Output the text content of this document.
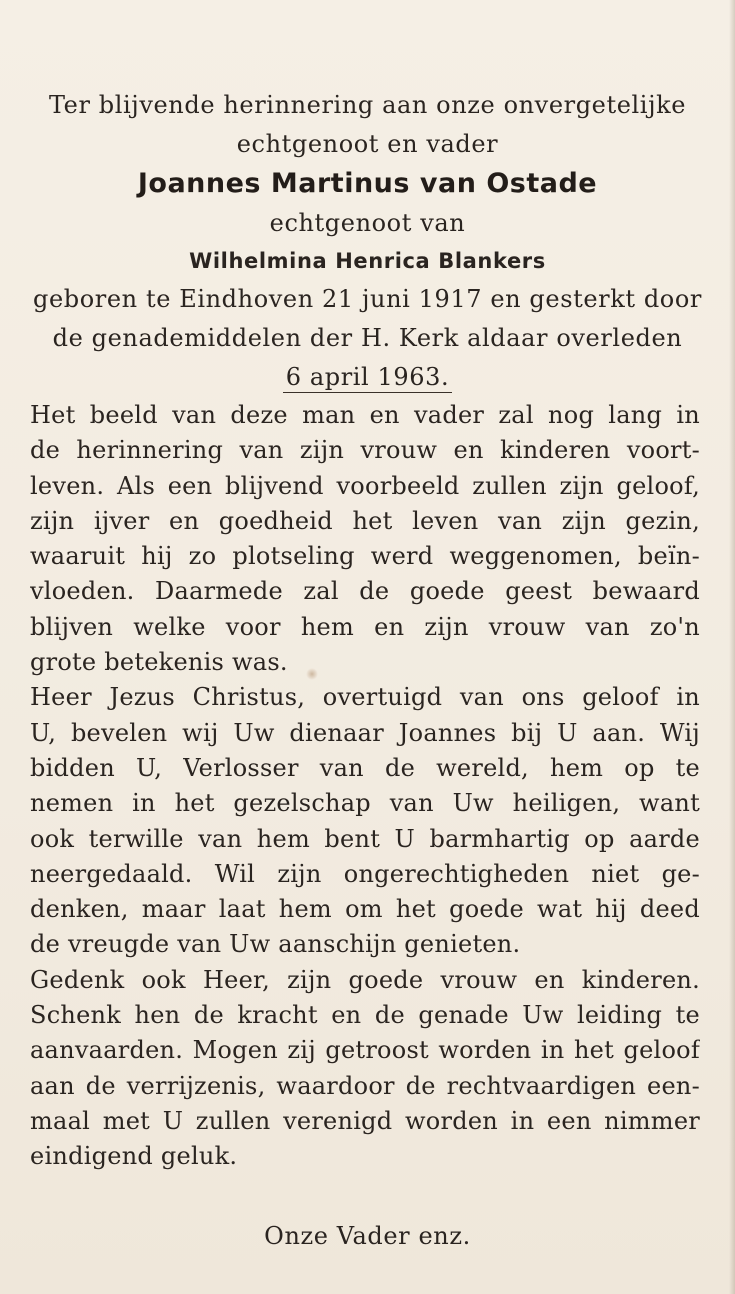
Ter blijvende herinnering aan onze onvergetelijke
echtgenoot en vader
Joannes Martinus van Ostade
echtgenoot van
Wilhelmina Henrica Blankers
geboren te Eindhoven 21 juni 1917 en gesterkt door
de genademiddelen der H. Kerk aldaar overleden
6 april 1963.
Het beeld van deze man en vader zal nog lang in
de herinnering van zijn vrouw en kinderen voort-
leven. Als een blijvend voorbeeld zullen zijn geloof,
zijn ijver en goedheid het leven van zijn gezin,
waaruit hij zo plotseling werd weggenomen, beïn-
vloeden. Daarmede zal de goede geest bewaard
blijven welke voor hem en zijn vrouw van zo'n
grote betekenis was.
Heer Jezus Christus, overtuigd van ons geloof in
U, bevelen wij Uw dienaar Joannes bij U aan. Wij
bidden U, Verlosser van de wereld, hem op te
nemen in het gezelschap van Uw heiligen, want
ook terwille van hem bent U barmhartig op aarde
neergedaald. Wil zijn ongerechtigheden niet ge-
denken, maar laat hem om het goede wat hij deed
de vreugde van Uw aanschijn genieten.
Gedenk ook Heer, zijn goede vrouw en kinderen.
Schenk hen de kracht en de genade Uw leiding te
aanvaarden. Mogen zij getroost worden in het geloof
aan de verrijzenis, waardoor de rechtvaardigen een-
maal met U zullen verenigd worden in een nimmer
eindigend geluk.
Onze Vader enz.
